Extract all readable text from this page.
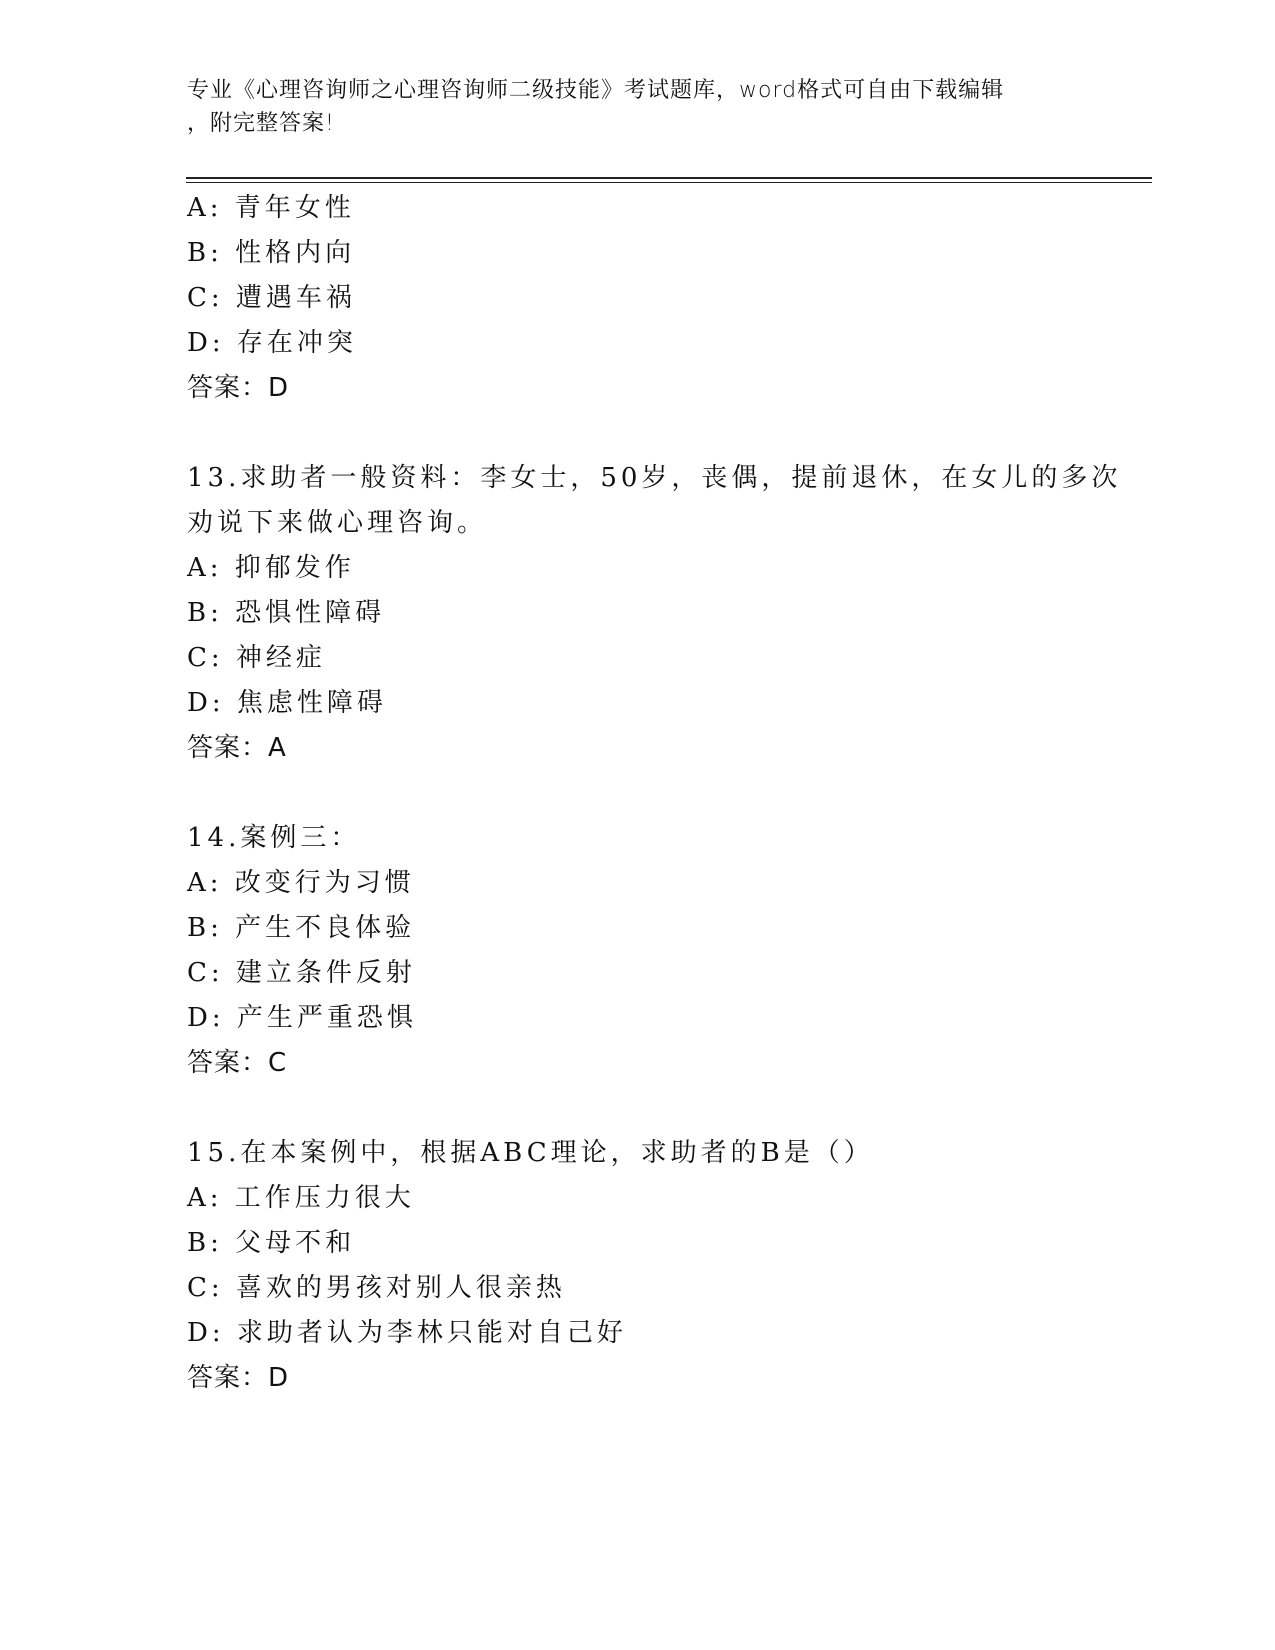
专业《心理咨询师之心理咨询师二级技能》考试题库，word格式可自由下载编辑
，附完整答案!
A: 青年女性
B: 性格内向
C: 遭遇车祸
D: 存在冲突
答案：D
13.求助者一般资料：李女士，50岁，丧偶，提前退休，在女儿的多次
劝说下来做心理咨询。
A: 抑郁发作
B: 恐惧性障碍
C: 神经症
D: 焦虑性障碍
答案：A
14.案例三：
A: 改变行为习惯
B: 产生不良体验
C: 建立条件反射
D: 产生严重恐惧
答案：C
15.在本案例中，根据ABC理论，求助者的B是（）
A: 工作压力很大
B: 父母不和
C: 喜欢的男孩对别人很亲热
D: 求助者认为李林只能对自己好
答案：D
